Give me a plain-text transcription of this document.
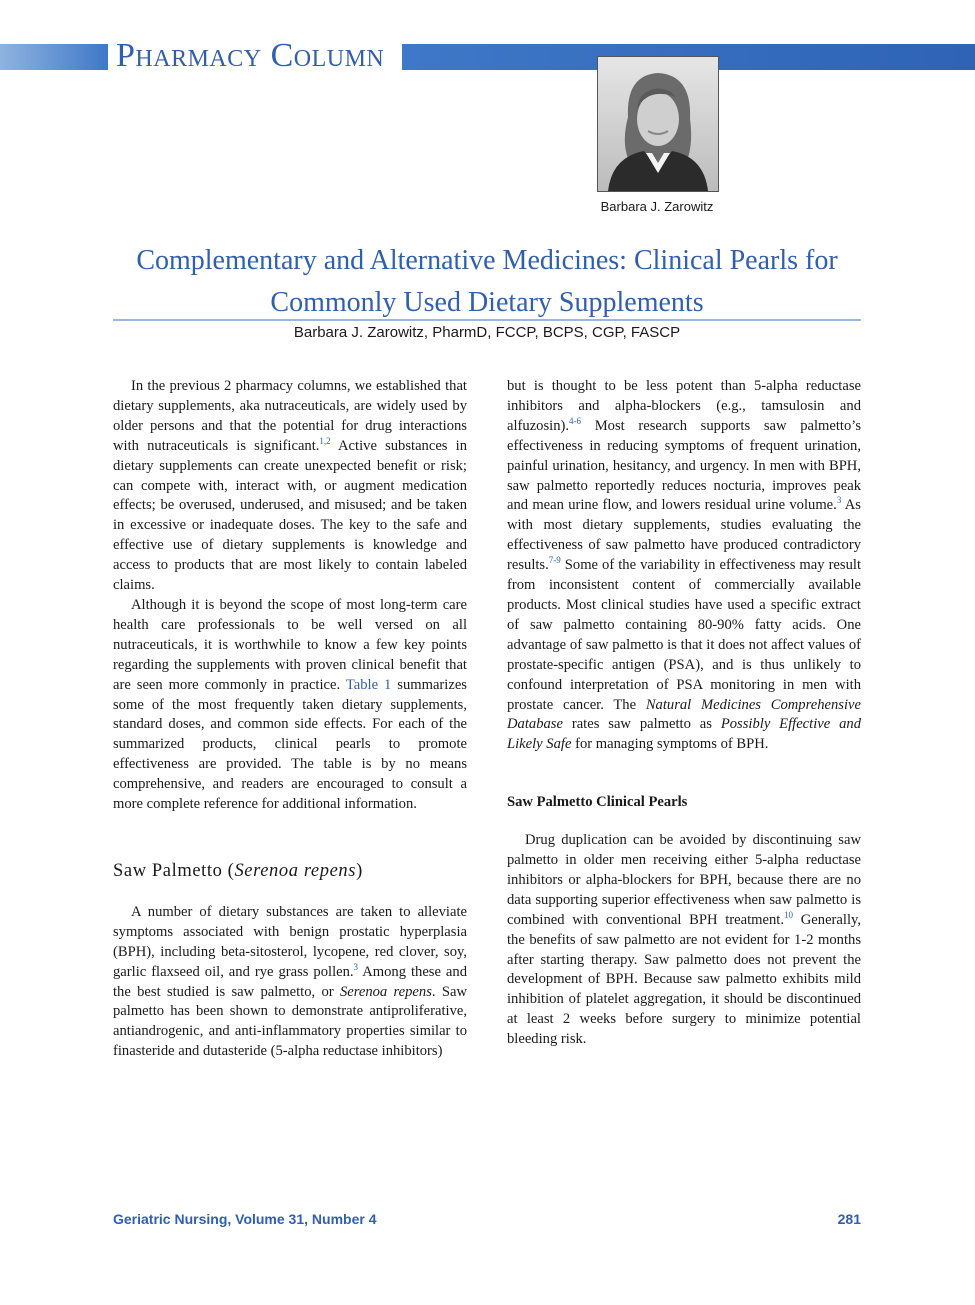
Pharmacy Column
Barbara J. Zarowitz
Complementary and Alternative Medicines: Clinical Pearls for Commonly Used Dietary Supplements
Barbara J. Zarowitz, PharmD, FCCP, BCPS, CGP, FASCP

In the previous 2 pharmacy columns, we established that dietary supplements, aka nutraceuticals, are widely used by older persons and that the potential for drug interactions with nutraceuticals is significant.$^{1,2}$ Active substances in dietary supplements can create unexpected benefit or risk; can compete with, interact with, or augment medication effects; be overused, underused, and misused; and be taken in excessive or inadequate doses. The key to the safe and effective use of dietary supplements is knowledge and access to products that are most likely to contain labeled claims.

Although it is beyond the scope of most long-term care health care professionals to be well versed on all nutraceuticals, it is worthwhile to know a few key points regarding the supplements with proven clinical benefit that are seen more commonly in practice. Table 1 summarizes some of the most frequently taken dietary supplements, standard doses, and common side effects. For each of the summarized products, clinical pearls to promote effectiveness are provided. The table is by no means comprehensive, and readers are encouraged to consult a more complete reference for additional information.

Saw Palmetto (Serenoa repens)

A number of dietary substances are taken to alleviate symptoms associated with benign prostatic hyperplasia (BPH), including beta-sitosterol, lycopene, red clover, soy, garlic flaxseed oil, and rye grass pollen.$^3$ Among these and the best studied is saw palmetto, or Serenoa repens. Saw palmetto has been shown to demonstrate antiproliferative, antiandrogenic, and anti-inflammatory properties similar to finasteride and dutasteride (5-alpha reductase inhibitors)

but is thought to be less potent than 5-alpha reductase inhibitors and alpha-blockers (e.g., tamsulosin and alfuzosin).$^{4-6}$ Most research supports saw palmetto’s effectiveness in reducing symptoms of frequent urination, painful urination, hesitancy, and urgency. In men with BPH, saw palmetto reportedly reduces nocturia, improves peak and mean urine flow, and lowers residual urine volume.$^3$ As with most dietary supplements, studies evaluating the effectiveness of saw palmetto have produced contradictory results.$^{7-9}$ Some of the variability in effectiveness may result from inconsistent content of commercially available products. Most clinical studies have used a specific extract of saw palmetto containing 80-90% fatty acids. One advantage of saw palmetto is that it does not affect values of prostate-specific antigen (PSA), and is thus unlikely to confound interpretation of PSA monitoring in men with prostate cancer. The Natural Medicines Comprehensive Database rates saw palmetto as Possibly Effective and Likely Safe for managing symptoms of BPH.

Saw Palmetto Clinical Pearls

Drug duplication can be avoided by discontinuing saw palmetto in older men receiving either 5-alpha reductase inhibitors or alpha-blockers for BPH, because there are no data supporting superior effectiveness when saw palmetto is combined with conventional BPH treatment.$^{10}$ Generally, the benefits of saw palmetto are not evident for 1-2 months after starting therapy. Saw palmetto does not prevent the development of BPH. Because saw palmetto exhibits mild inhibition of platelet aggregation, it should be discontinued at least 2 weeks before surgery to minimize potential bleeding risk.

Geriatric Nursing, Volume 31, Number 4	281
